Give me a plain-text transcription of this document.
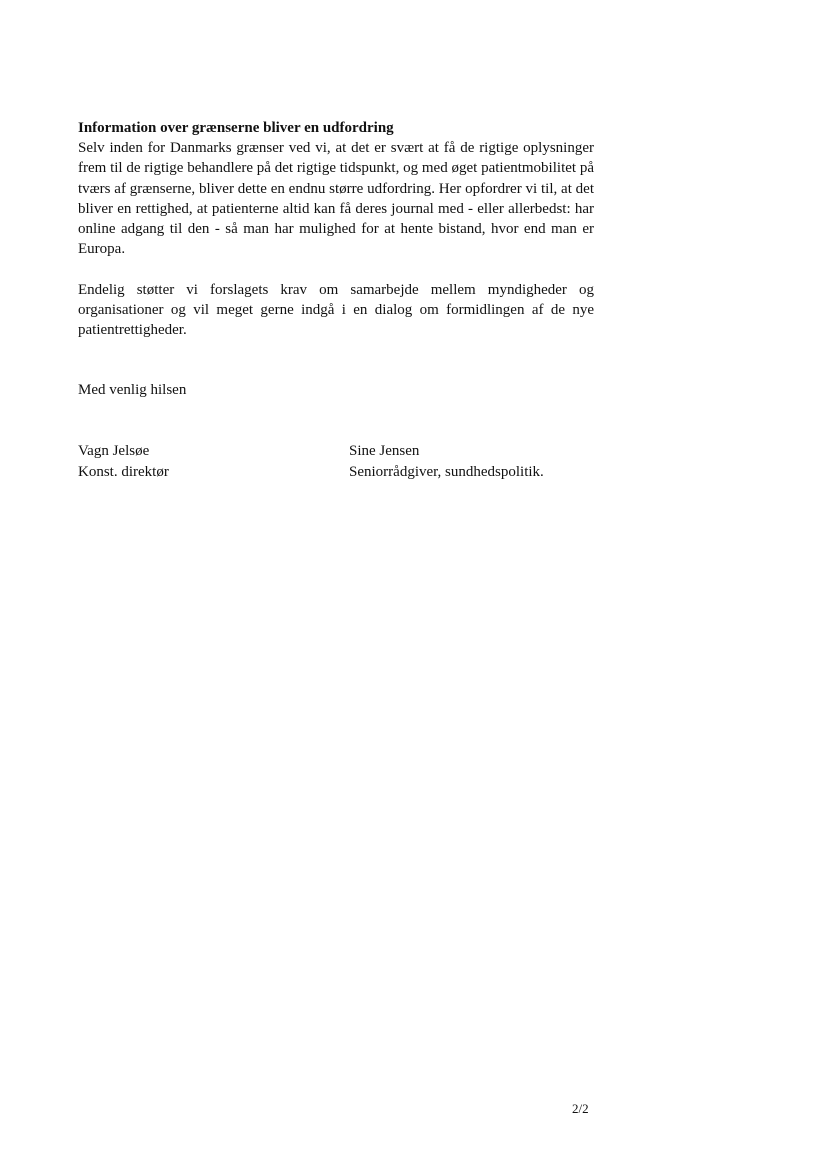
Information over grænserne bliver en udfordring

Selv inden for Danmarks grænser ved vi, at det er svært at få de rigtige oplysninger frem til de rigtige behandlere på det rigtige tidspunkt, og med øget patientmobilitet på tværs af grænserne, bliver dette en endnu større udfordring. Her opfordrer vi til, at det bliver en rettighed, at patienterne altid kan få deres journal med - eller allerbedst: har online adgang til den - så man har mulighed for at hente bistand, hvor end man er Europa.

Endelig støtter vi forslagets krav om samarbejde mellem myndigheder og organisationer og vil meget gerne indgå i en dialog om formidlingen af de nye patientrettigheder.

Med venlig hilsen

Vagn Jelsøe
Konst. direktør
Sine Jensen
Seniorrådgiver, sundhedspolitik.
2/2
